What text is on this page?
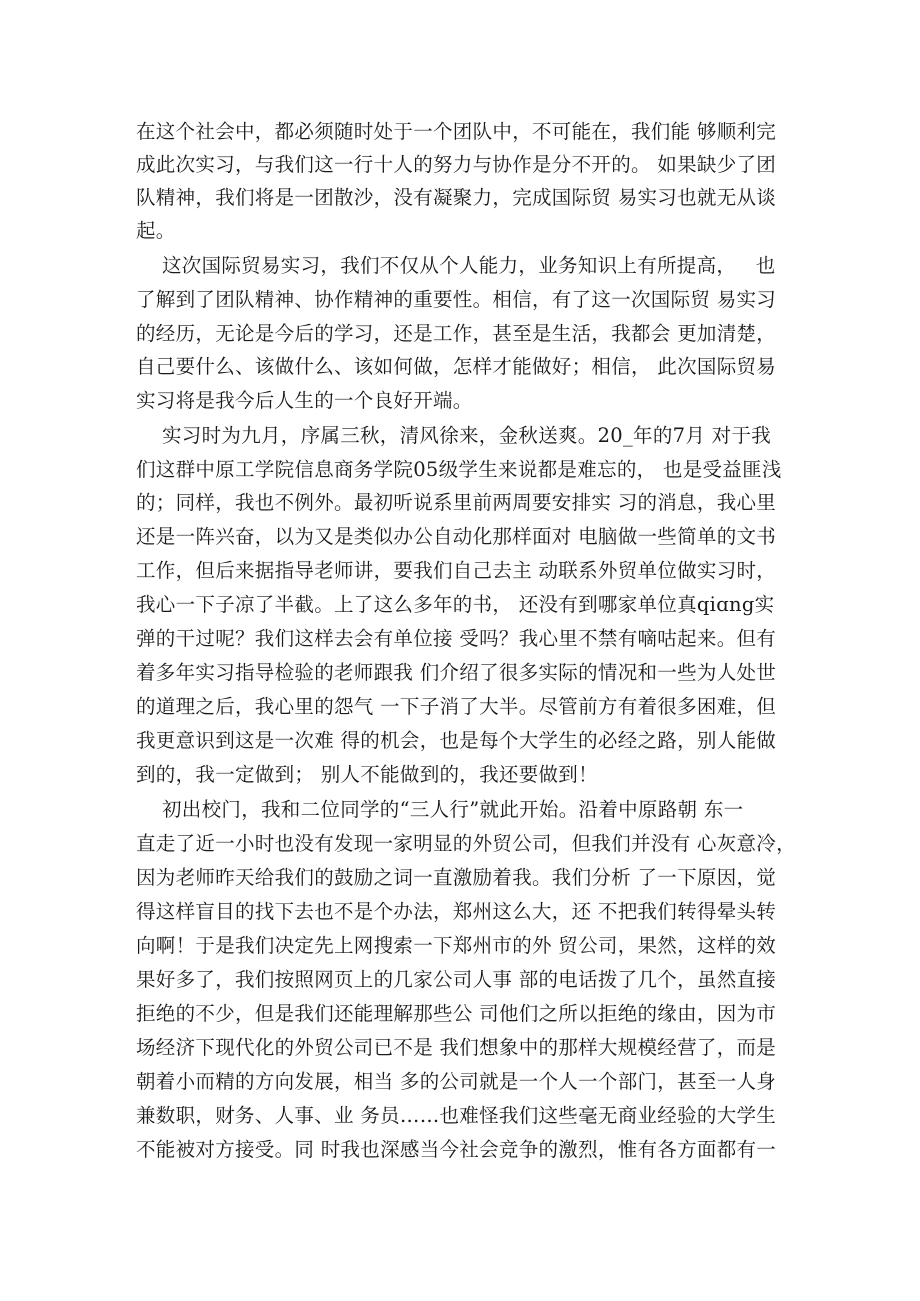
在这个社会中，都必须随时处于一个团队中，不可能在，我们能 够顺利完
成此次实习，与我们这一行十人的努力与协作是分不开的。 如果缺少了团
队精神，我们将是一团散沙，没有凝聚力，完成国际贸 易实习也就无从谈
起。
这次国际贸易实习，我们不仅从个人能力，业务知识上有所提高，   也
了解到了团队精神、协作精神的重要性。相信，有了这一次国际贸 易实习
的经历，无论是今后的学习，还是工作，甚至是生活，我都会 更加清楚，
自己要什么、该做什么、该如何做，怎样才能做好；相信， 此次国际贸易
实习将是我今后人生的一个良好开端。
实习时为九月，序属三秋，清风徐来，金秋送爽。20_年的7月 对于我
们这群中原工学院信息商务学院05级学生来说都是难忘的， 也是受益匪浅
的；同样，我也不例外。最初听说系里前两周要安排实 习的消息，我心里
还是一阵兴奋，以为又是类似办公自动化那样面对 电脑做一些简单的文书
工作，但后来据指导老师讲，要我们自己去主 动联系外贸单位做实习时，
我心一下子凉了半截。上了这么多年的书， 还没有到哪家单位真qiɑng实
弹的干过呢？我们这样去会有单位接 受吗？我心里不禁有嘀咕起来。但有
着多年实习指导检验的老师跟我 们介绍了很多实际的情况和一些为人处世
的道理之后，我心里的怨气 一下子消了大半。尽管前方有着很多困难，但
我更意识到这是一次难 得的机会，也是每个大学生的必经之路，别人能做
到的，我一定做到； 别人不能做到的，我还要做到！
初出校门，我和二位同学的“三人行”就此开始。沿着中原路朝 东一
直走了近一小时也没有发现一家明显的外贸公司，但我们并没有 心灰意冷，
因为老师昨天给我们的鼓励之词一直激励着我。我们分析 了一下原因，觉
得这样盲目的找下去也不是个办法，郑州这么大，还 不把我们转得晕头转
向啊！于是我们决定先上网搜索一下郑州市的外 贸公司，果然，这样的效
果好多了，我们按照网页上的几家公司人事 部的电话拨了几个，虽然直接
拒绝的不少，但是我们还能理解那些公 司他们之所以拒绝的缘由，因为市
场经济下现代化的外贸公司已不是 我们想象中的那样大规模经营了，而是
朝着小而精的方向发展，相当 多的公司就是一个人一个部门，甚至一人身
兼数职，财务、人事、业 务员……也难怪我们这些毫无商业经验的大学生
不能被对方接受。同 时我也深感当今社会竞争的激烈，惟有各方面都有一
